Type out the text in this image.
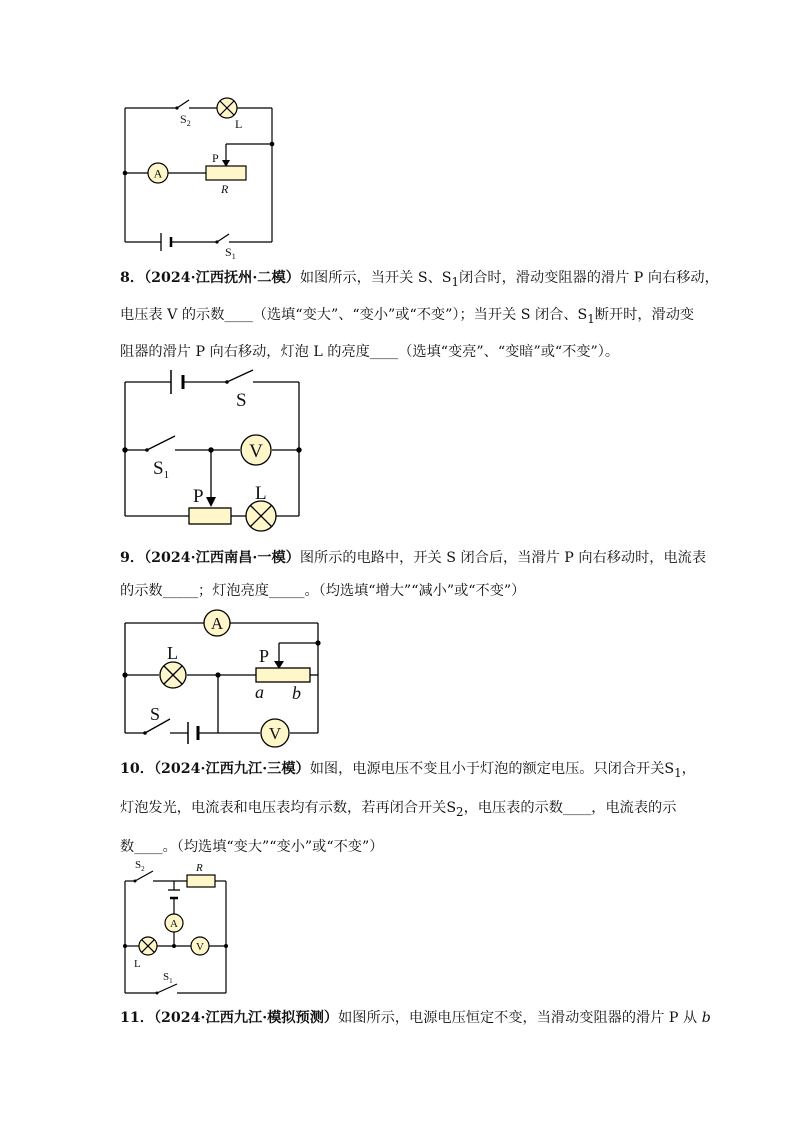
A
$S_2$	L
P
R
$S_1$
8．（2024·江西抚州·二模）如图所示，当开关 S、$S_1$闭合时，滑动变阻器的滑片 P 向右移动，
电压表 V 的示数____（选填“变大”、“变小”或“不变”）；当开关 S 闭合、$S_1$断开时，滑动变
阻器的滑片 P 向右移动，灯泡 L 的亮度____（选填“变亮”、“变暗”或“不变”）。
V
S
$S_1$
P	L
9．（2024·江西南昌·一模）图所示的电路中，开关 S 闭合后，当滑片 P 向右移动时，电流表
的示数_____；灯泡亮度_____。（均选填“增大”“减小”或“不变”）
A
V
L	P
a b
S
10．（2024·江西九江·三模）如图，电源电压不变且小于灯泡的额定电压。只闭合开关$S_1$，
灯泡发光，电流表和电压表均有示数，若再闭合开关$S_2$，电压表的示数____，电流表的示
数____。（均选填“变大”“变小”或“不变”）
A
V
$S_2$	R
L
$S_1$
11．（2024·江西九江·模拟预测）如图所示，电源电压恒定不变，当滑动变阻器的滑片 P 从 b
